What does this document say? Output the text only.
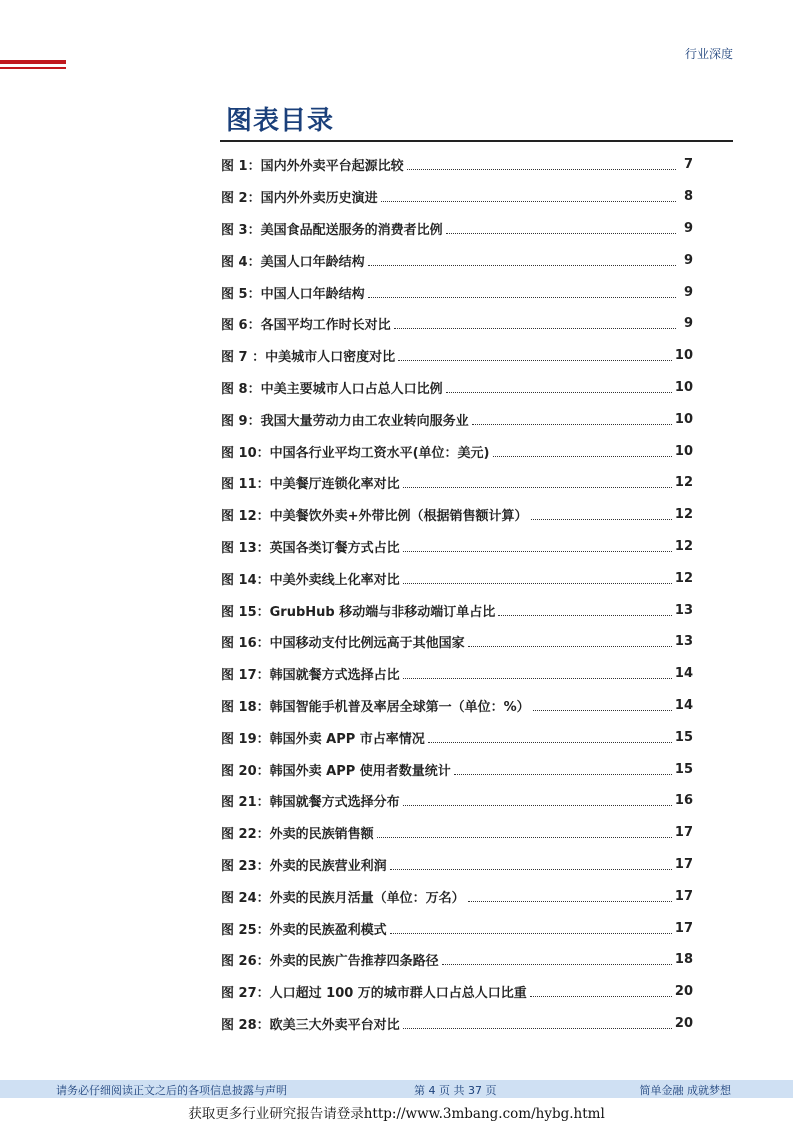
行业深度
图表目录
图 1：国内外外卖平台起源比较	7
图 2：国内外外卖历史演进	8
图 3：美国食品配送服务的消费者比例	9
图 4：美国人口年龄结构	9
图 5：中国人口年龄结构	9
图 6：各国平均工作时长对比	9
图 7 ：中美城市人口密度对比	10
图 8：中美主要城市人口占总人口比例	10
图 9：我国大量劳动力由工农业转向服务业	10
图 10：中国各行业平均工资水平(单位：美元)	10
图 11：中美餐厅连锁化率对比	12
图 12：中美餐饮外卖+外带比例（根据销售额计算）	12
图 13：英国各类订餐方式占比	12
图 14：中美外卖线上化率对比	12
图 15：GrubHub 移动端与非移动端订单占比	13
图 16：中国移动支付比例远高于其他国家	13
图 17：韩国就餐方式选择占比	14
图 18：韩国智能手机普及率居全球第一（单位：%）	14
图 19：韩国外卖 APP 市占率情况	15
图 20：韩国外卖 APP 使用者数量统计	15
图 21：韩国就餐方式选择分布	16
图 22：外卖的民族销售额	17
图 23：外卖的民族营业利润	17
图 24：外卖的民族月活量（单位：万名）	17
图 25：外卖的民族盈利模式	17
图 26：外卖的民族广告推荐四条路径	18
图 27：人口超过 100 万的城市群人口占总人口比重	20
图 28：欧美三大外卖平台对比	20
请务必仔细阅读正文之后的各项信息披露与声明	第 4 页 共 37 页	简单金融 成就梦想
获取更多行业研究报告请登录http://www.3mbang.com/hybg.html
